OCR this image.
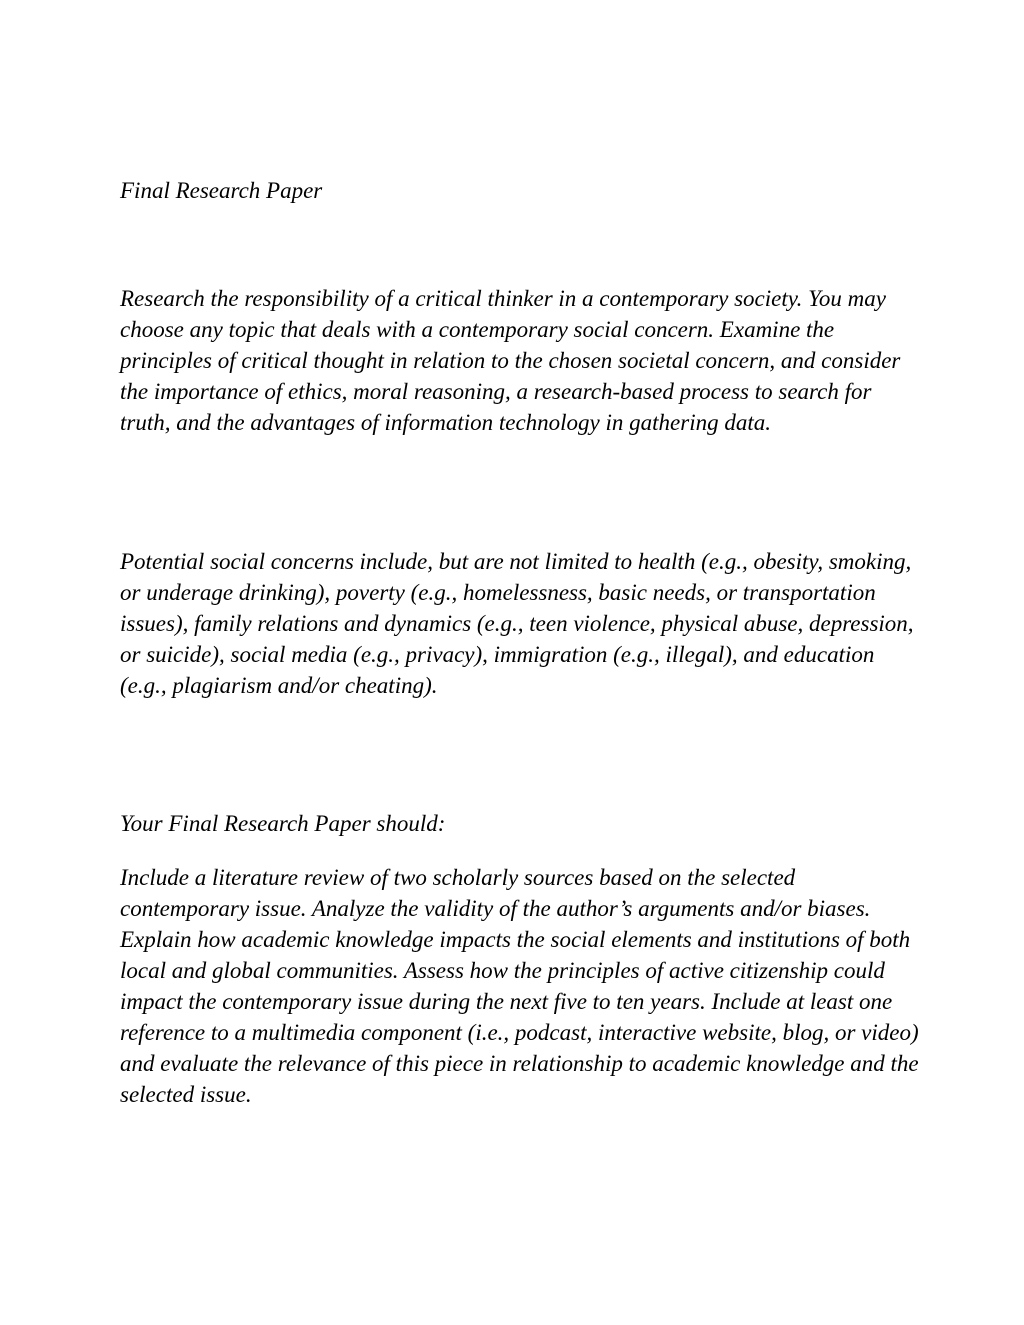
Final Research Paper

Research the responsibility of a critical thinker in a contemporary society. You may choose any topic that deals with a contemporary social concern. Examine the principles of critical thought in relation to the chosen societal concern, and consider the importance of ethics, moral reasoning, a research-based process to search for truth, and the advantages of information technology in gathering data.

Potential social concerns include, but are not limited to health (e.g., obesity, smoking, or underage drinking), poverty (e.g., homelessness, basic needs, or transportation issues), family relations and dynamics (e.g., teen violence, physical abuse, depression, or suicide), social media (e.g., privacy), immigration (e.g., illegal), and education (e.g., plagiarism and/or cheating).

Your Final Research Paper should:

Include a literature review of two scholarly sources based on the selected contemporary issue. Analyze the validity of the author’s arguments and/or biases. Explain how academic knowledge impacts the social elements and institutions of both local and global communities. Assess how the principles of active citizenship could impact the contemporary issue during the next five to ten years. Include at least one reference to a multimedia component (i.e., podcast, interactive website, blog, or video) and evaluate the relevance of this piece in relationship to academic knowledge and the selected issue.
